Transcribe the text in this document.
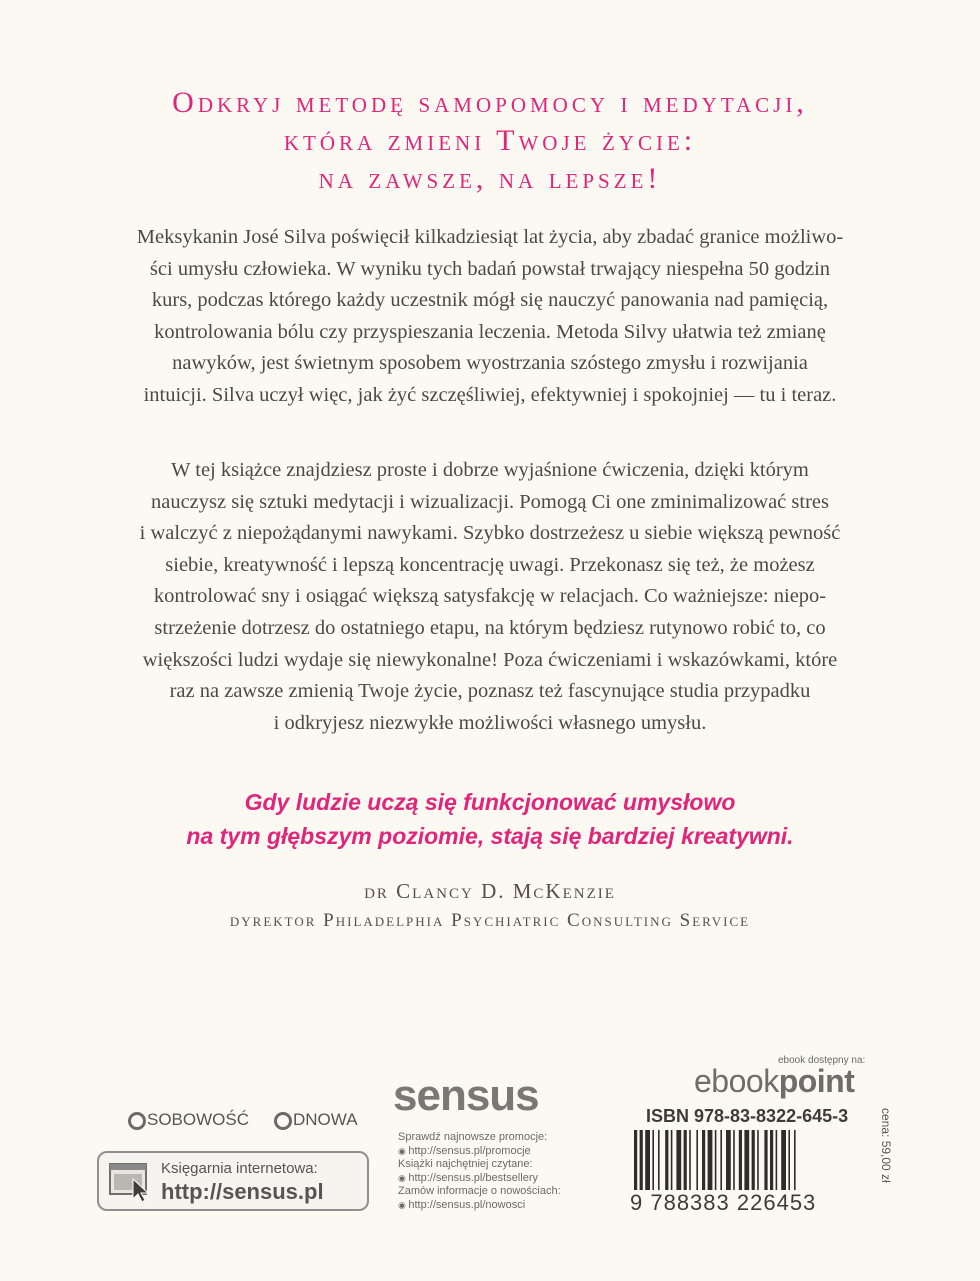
Odkryj metodę samopomocy i medytacji,
która zmieni Twoje życie:
na zawsze, na lepsze!
Meksykanin José Silva poświęcił kilkadziesiąt lat życia, aby zbadać granice możliwo-
ści umysłu człowieka. W wyniku tych badań powstał trwający niespełna 50 godzin
kurs, podczas którego każdy uczestnik mógł się nauczyć panowania nad pamięcią,
kontrolowania bólu czy przyspieszania leczenia. Metoda Silvy ułatwia też zmianę
nawyków, jest świetnym sposobem wyostrzania szóstego zmysłu i rozwijania
intuicji. Silva uczył więc, jak żyć szczęśliwiej, efektywniej i spokojniej — tu i teraz.
W tej książce znajdziesz proste i dobrze wyjaśnione ćwiczenia, dzięki którym
nauczysz się sztuki medytacji i wizualizacji. Pomogą Ci one zminimalizować stres
i walczyć z niepożądanymi nawykami. Szybko dostrzeżesz u siebie większą pewność
siebie, kreatywność i lepszą koncentrację uwagi. Przekonasz się też, że możesz
kontrolować sny i osiągać większą satysfakcję w relacjach. Co ważniejsze: niepo-
strzeżenie dotrzesz do ostatniego etapu, na którym będziesz rutynowo robić to, co
większości ludzi wydaje się niewykonalne! Poza ćwiczeniami i wskazówkami, które
raz na zawsze zmienią Twoje życie, poznasz też fascynujące studia przypadku
i odkryjesz niezwykłe możliwości własnego umysłu.
Gdy ludzie uczą się funkcjonować umysłowo
na tym głębszym poziomie, stają się bardziej kreatywni.
dr Clancy D. McKenzie
dyrektor Philadelphia Psychiatric Consulting Service
SOBOWOŚĆ	DNOWA
Księgarnia internetowa:
http://sensus.pl
sensus
Sprawdź najnowsze promocje:
◉ http://sensus.pl/promocje
Książki najchętniej czytane:
◉ http://sensus.pl/bestsellery
Zamów informacje o nowościach:
◉ http://sensus.pl/nowosci
ebook dostępny na:
ebookpoint
ISBN 978-83-8322-645-3
9 788383 226453
cena: 59,00 zł
